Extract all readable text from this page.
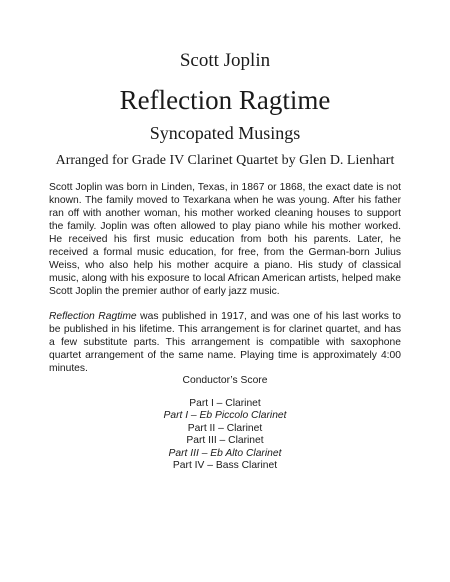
Scott Joplin

Reflection Ragtime

Syncopated Musings

Arranged for Grade IV Clarinet Quartet by Glen D. Lienhart

Scott Joplin was born in Linden, Texas, in 1867 or 1868, the exact date is not known. The family moved to Texarkana when he was young. After his father ran off with another woman, his mother worked cleaning houses to support the family. Joplin was often allowed to play piano while his mother worked. He received his first music education from both his parents. Later, he received a formal music education, for free, from the German-born Julius Weiss, who also help his mother acquire a piano. His study of classical music, along with his exposure to local African American artists, helped make Scott Joplin the premier author of early jazz music.

Reflection Ragtime was published in 1917, and was one of his last works to be published in his lifetime. This arrangement is for clarinet quartet, and has a few substitute parts. This arrangement is compatible with saxophone quartet arrangement of the same name. Playing time is approximately 4:00 minutes.

Conductor’s Score
Part I – Clarinet
Part I – Eb Piccolo Clarinet
Part II – Clarinet
Part III – Clarinet
Part III – Eb Alto Clarinet
Part IV – Bass Clarinet
